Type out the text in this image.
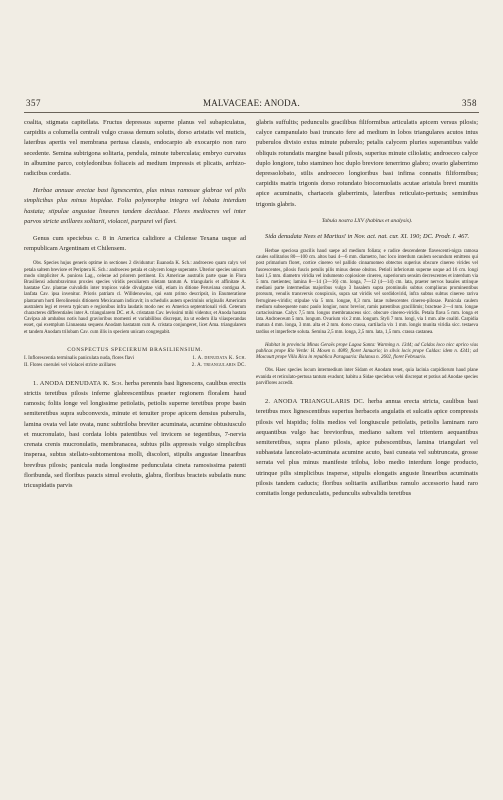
357	MALVACEAE: ANODA.	358

coalita, stigmata capitellata. Fructus depressus superne planus vel subapiculatus, carpidiis a columella centrali vulgo crassa demum solutis, dorso aristatis vel muticis, lateribus apertis vel membrana pertusa clausis, endocarpio ab exocarpio non raro secedente. Semina subtrigona solitaria, pendula, minute tuberculata; embryo curvatus in albumine parco, cotyledonibus foliaceis ad medium impressis et plicatis, arrhizo-radicibus cordatis.

Herbae annuae erectae basi lignescentes, plus minus ramosae glabrae vel pilis simplicibus plus minus hispidae. Folia polymorpha integra vel lobata interdum hastata; stipulae angustae lineares tandem deciduae. Flores mediocres vel inter parvos stricte axillares solitarii, violacei, purpurei vel flavi.

Genus cum speciebus c. 8 in America calidiore a Chilense Texana usque ad rempublicam Argentinam et Chilensem.

Obs. Species hujus generis optime in sectiones 2 dividuntur: Euanoda K. Sch.: androeceo quam calyx vel petala saltem breviore et Periptera K. Sch.: androeceo petala et calycem longe superante. Ulterior species unicum modo simpliciter A. punicea Lag., celerae ad priorem pertinent. Ex Americae australis parte quae in Flora Brasiliensi adumbravimus proxies species viridis peculiarem siletam tantum A. triangularis et affinitate A. hastatae Cav. plantae cuivalidis inter tropicos valde divulgatae vidi, etiam in ditione Peruviana contigua A. lanfata Cav. ipsa invenitur. Prioris patriam cl. Willdenowius, qui eam primo descripsit, in Enumeratione plantarum horti Berolinensis ditionem Mexicanam indicavit; in schedulis autem speciminis originalis Americam australem legi et revera typicum e regionibus infra laudatis modo nec ex America septentrionali vidi. Ceterum characteres differentiales inter A. triangularem DC. et A. cristatam Cav. levissimi mihi videntur, et Anoda hastata Cavipsa ab ambabus notis haud gravioribus momenti et variabilibus discrepat, ita ut eodem illa viiaspecandas esset, qui exemplum Linnaeana sequens Anodam hastatam cum A. cristata conjungeret, licet Ama. triangularem et tandem Anodam trilobam Cav. cum illis in speciem unicam congregabit.

CONSPECTUS SPECIERUM BRASILIENSIUM.

I. Inflorescentia terminalis paniculata nuda, flores flavi	1. A. denudata K. Sch.
II. Flores coerulei vel violacei stricte axillares	2. A. triangularis DC.

1. ANODA DENUDATA K. Sch. herba perennis basi lignescens, caulibus erectis strictis teretibus pilosis inferne glabrescentibus praeter regionem floralem haud ramosis; foliis longe vel longissime petiolatis, petiolis superne teretibus prope basin semiteretibus supra subconvexis, minute et tenuiter prope apicem densius puberulis, lamina ovata vel late ovata, nunc subtriloba breviter acuminata, acumine obtusiusculo et mucronulato, basi cordata lobis patentibus vel invicem se tegentibus, 7-nervia crenata crenis mucronulatis, membranacea, subtus pilis appressis vulgo simplicibus insperaa, subtus stellato-subtomentosa molli, discolori, stipulis angustae linearibus brevibus pilosis; panicula nuda longissime pedunculata cineta ramosissima patenti floribunda, sed floribus paucis simul evolutis, glabra, floribus bracteis subulatis nunc tricuspidatis parvis

glabris suffultis; pedunculis gracilibus filiformibus articulatis apicem versus pilosis; calyce campanulato basi truncato fere ad medium in lobos triangulares acutos intus puberulos divisio extus minute puberulo; petalis calycem pluries superantibus valde obliquis rotundatis margine basali pilosis, superius minute ciliolatis; androeceo calyce duplo longiore, tubo stamineo hoc duplo breviore tenerrimo glabro; ovario glaberrimo depressolobato, stilis androeceo longioribus basi infima connatis filiformibus; carpidiis matris trigonis dorso rotundato biocornuolatis acutae aristula brevi munitis apice acuminatis, chartaceis glaberrimis, lateribus reticulato-pertusis; seminibus trigonis glabris.

Tabula nostra LXV (habitus et analysis).

Sida denudata Nees et Martius! in Nov. act. nat. cur. XI. 190; DC. Prodr. I. 467.

Herbae speciosa gracilis haud saepe ad medium foliata; e radice descendente flavescenti-nigra ramosa caules sollitarios 80—100 cm. altos basi 4—6 mm. diametro, hoc loco interdum caulem secundum emittens qui post primarium floret, cortice cinereo vel pallido cinnamomeo obtectos superius obscure cinereo virides vel fuscescentes, pilosis fuscis petulis pilis minus dense obsitos. Petioli inferiorum superne usque ad 16 cm. longi basi 1,5 mm. diametro viridia vel indumento copiosiore cinereo, superiorum sensim decrescentes et interdum via 5 mm. metientes; lamina 8—14 (3—16) cm. longa, 7—12 (4—14) cm. lata, praeter nervos basales utrinque mediani parte intermedias majoribus vulgo 3 basalem supra prominulis subtus compliuras prominentibus prorsum, venulis transversis conspicuis, supra sat viridis vel sordidovirid, infra subtus subtus cinereo rariva ferrugineo-viridis; stipulae via 5 mm. longae, 0,3 mm. latae rubescentes cinereo-pilosae. Panicula caulem medium subsequente nunc paulo longior, nunc brevior, ramis patentibus gracillimis; bracteae 2—4 mm. longae cartacissimae. Calyx 7,5 mm. longus membranaceus sicc. obscure cinereo-viridis. Petala flava 5 mm. longa et lata. Androeceum 5 mm. longum. Ovarium vix 2 mm. longum. Styli 7 mm. longi, via 1 mm. alte coaliti. Carpidia matura 4 mm. longa, 3 mm. alta et 2 mm. dorso crassa, cartilacla vix 1 mm. longis munita viridia sicc. testaeva tardius et imperfecte soluta. Semina 2,5 mm. longa, 2,5 mm. lata, 1,5 mm. crassa castanea.

Habitat in provincia Minas Geraës prope Lagoa Santa: Warming n. 1344; ad Caldas loco nicc aprico vias publicas prope Rio Verde: H. Mosen n. 4089, floret Januario; in silvis locis prope Caldas: idem n. 4341; ad Moscoutt prope Villa Rica in republica Paraguaria: Balansa n. 2602, floret Februario.

Obs. Haec species locum intermedium inter Sidam et Anodam tenet, quia lacinia carpidiorum haud plane evanida et reticulato-pertusa tantum evadunt; habitu a Sidae speciebus vehi discrepat et potius ad Anodae species parviflores accedit.

2. ANODA TRIANGULARIS DC. herba annua erecta stricta, caulibus basi teretibus mox lignescentibus superius herbaceis angulatis et sulcatis apice compressis pilosis vel hispidis; foliis medios vel longiuscule petiolatis, petiolis laminam raro aequantibus vulgo hac brevioribus, mediano saltem vel tritentem aequantibus semiteretibus, supra plano pilosis, apice pubescentibus, lamina triangulari vel subhastata lanceolato-acuminata acumine acuto, basi cuneata vel subtruncata, grosse serrata vel plus minus manifeste triloba, lobo medio interdum longe producto, utrinque pilis simplicibus insperse, stipulis elongatis anguste linearibus acuminatis pilosis tandem caducis; floribus solitariis axillaribus ramulo accessorio haud raro comitatis longe pedunculatis, pedunculis subvalidis teretibus
